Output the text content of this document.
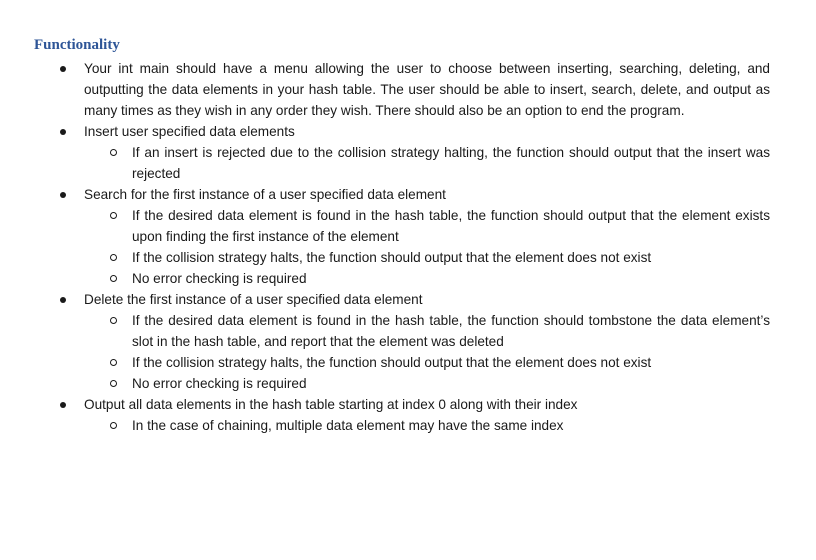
Functionality
Your int main should have a menu allowing the user to choose between inserting, searching, deleting, and outputting the data elements in your hash table. The user should be able to insert, search, delete, and output as many times as they wish in any order they wish. There should also be an option to end the program.
Insert user specified data elements
If an insert is rejected due to the collision strategy halting, the function should output that the insert was rejected
Search for the first instance of a user specified data element
If the desired data element is found in the hash table, the function should output that the element exists upon finding the first instance of the element
If the collision strategy halts, the function should output that the element does not exist
No error checking is required
Delete the first instance of a user specified data element
If the desired data element is found in the hash table, the function should tombstone the data element’s slot in the hash table, and report that the element was deleted
If the collision strategy halts, the function should output that the element does not exist
No error checking is required
Output all data elements in the hash table starting at index 0 along with their index
In the case of chaining, multiple data element may have the same index
